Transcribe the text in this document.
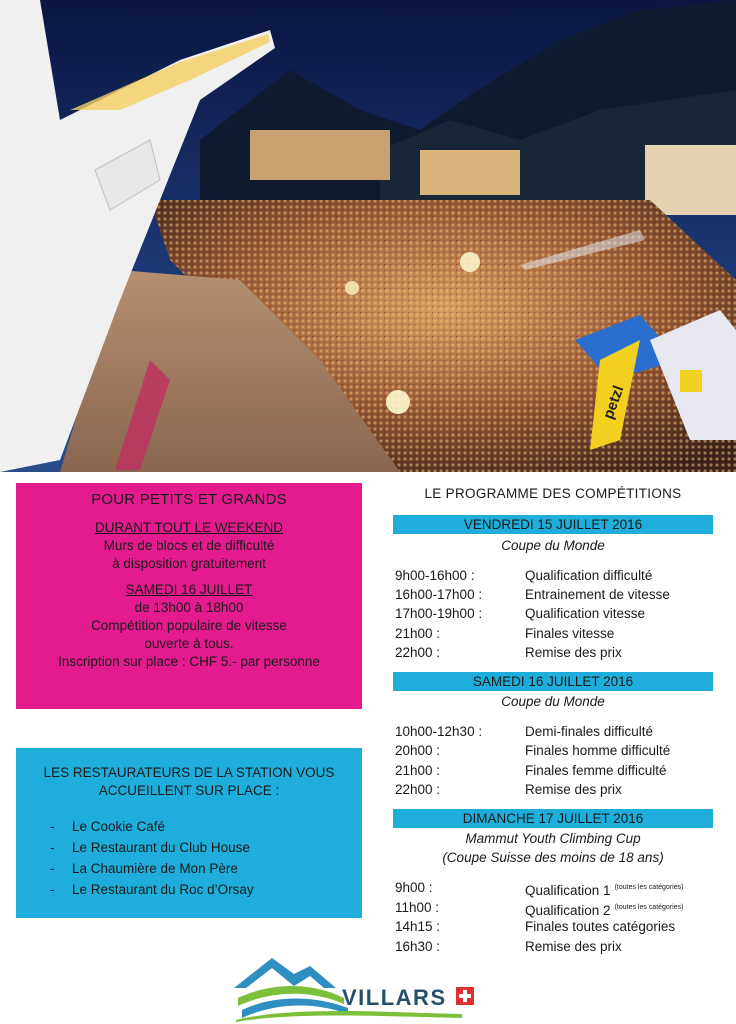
petzl
POUR PETITS ET GRANDS
DURANT TOUT LE WEEKEND
Murs de blocs et de difficulté
à disposition gratuitement
SAMEDI 16 JUILLET
de 13h00 à 18h00
Compétition populaire de vitesse
ouverte à tous.
Inscription sur place : CHF 5.- par personne
LES RESTAURATEURS DE LA STATION VOUS
ACCUEILLENT SUR PLACE :
- Le Cookie Café
- Le Restaurant du Club House
- La Chaumière de Mon Père
- Le Restaurant du Roc d’Orsay
LE PROGRAMME DES COMPÉTITIONS
VENDREDI 15 JUILLET 2016
Coupe du Monde
9h00-16h00 :	Qualification difficulté
16h00-17h00 :	Entrainement de vitesse
17h00-19h00 :	Qualification vitesse
21h00 :	Finales vitesse
22h00 :	Remise des prix
SAMEDI 16 JUILLET 2016
Coupe du Monde
10h00-12h30 :	Demi-finales difficulté
20h00 :	Finales homme difficulté
21h00 :	Finales femme difficulté
22h00 :	Remise des prix
DIMANCHE 17 JUILLET 2016
Mammut Youth Climbing Cup
(Coupe Suisse des moins de 18 ans)
9h00 :	Qualification 1 $^{(toutes les catégories)}$
11h00 :	Qualification 2 $^{(toutes les catégories)}$
14h15 :	Finales toutes catégories
16h30 :	Remise des prix
VILLARS
